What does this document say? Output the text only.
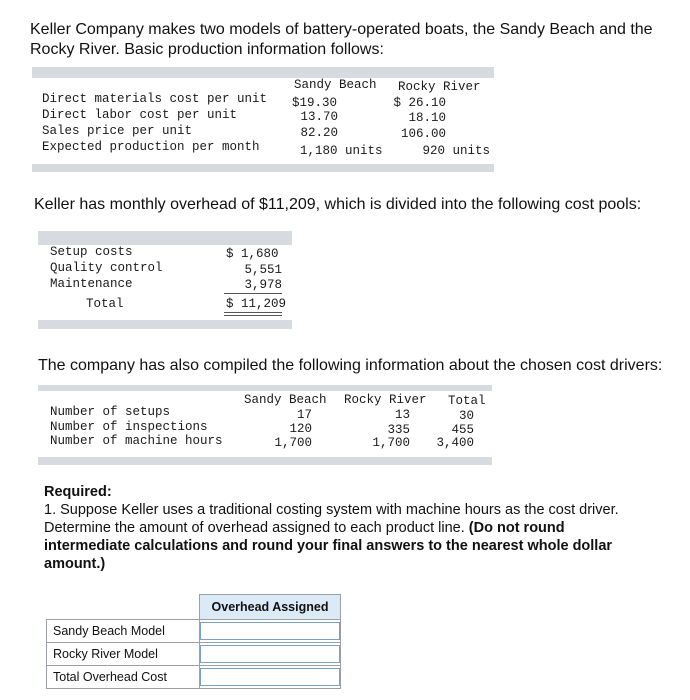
Keller Company makes two models of battery-operated boats, the Sandy Beach and the Rocky River. Basic production information follows:

Sandy Beach Rocky River
Direct materials cost per unit $19.30	$ 26.10
Direct labor cost per unit	13.70	18.10
Sales price per unit	82.20	106.00
Expected production per month	1,180 units	920 units

Keller has monthly overhead of $11,209, which is divided into the following cost pools:

Setup costs	$ 1,680
Quality control	5,551
Maintenance	3,978
Total	$ 11,209

The company has also compiled the following information about the chosen cost drivers:

Sandy Beach Rocky River Total
Number of setups	17	13	30
Number of inspections	120	335	455
Number of machine hours	1,700	1,700	3,400
Required:
1. Suppose Keller uses a traditional costing system with machine hours as the cost driver. Determine the amount of overhead assigned to each product line. (Do not round intermediate calculations and round your final answers to the nearest whole dollar amount.)
	Overhead Assigned
Sandy Beach Model	
Rocky River Model	
Total Overhead Cost	
